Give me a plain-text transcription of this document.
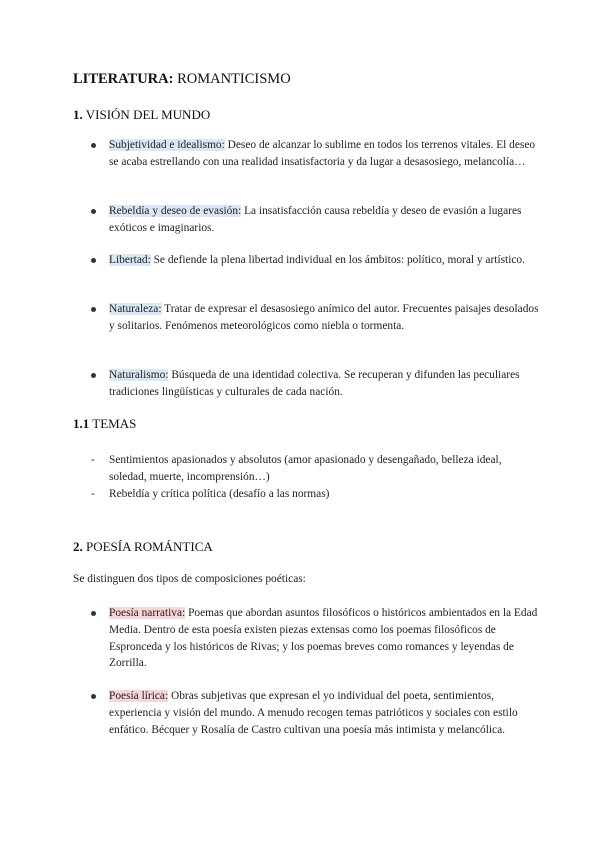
LITERATURA: ROMANTICISMO
1. VISIÓN DEL MUNDO
Subjetividad e idealismo: Deseo de alcanzar lo sublime en todos los terrenos vitales. El deseo se acaba estrellando con una realidad insatisfactoria y da lugar a desasosiego, melancolía…
Rebeldía y deseo de evasión: La insatisfacción causa rebeldía y deseo de evasión a lugares exóticos e imaginarios.
Libertad: Se defiende la plena libertad individual en los ámbitos: político, moral y artístico.
Naturaleza: Tratar de expresar el desasosiego anímico del autor. Frecuentes paisajes desolados y solitarios. Fenómenos meteorológicos como niebla o tormenta.
Naturalismo: Búsqueda de una identidad colectiva. Se recuperan y difunden las peculiares tradiciones lingüísticas y culturales de cada nación.
1.1 TEMAS
- Sentimientos apasionados y absolutos (amor apasionado y desengañado, belleza ideal, soledad, muerte, incomprensión…)
- Rebeldía y crítica política (desafío a las normas)
2. POESÍA ROMÁNTICA
Se distinguen dos tipos de composiciones poéticas:
Poesía narrativa: Poemas que abordan asuntos filosóficos o históricos ambientados en la Edad Media. Dentro de esta poesía existen piezas extensas como los poemas filosóficos de Espronceda y los históricos de Rivas; y los poemas breves como romances y leyendas de Zorrilla.
Poesía lírica: Obras subjetivas que expresan el yo individual del poeta, sentimientos, experiencia y visión del mundo. A menudo recogen temas patrióticos y sociales con estilo enfático. Bécquer y Rosalía de Castro cultivan una poesía más intimista y melancólica.
